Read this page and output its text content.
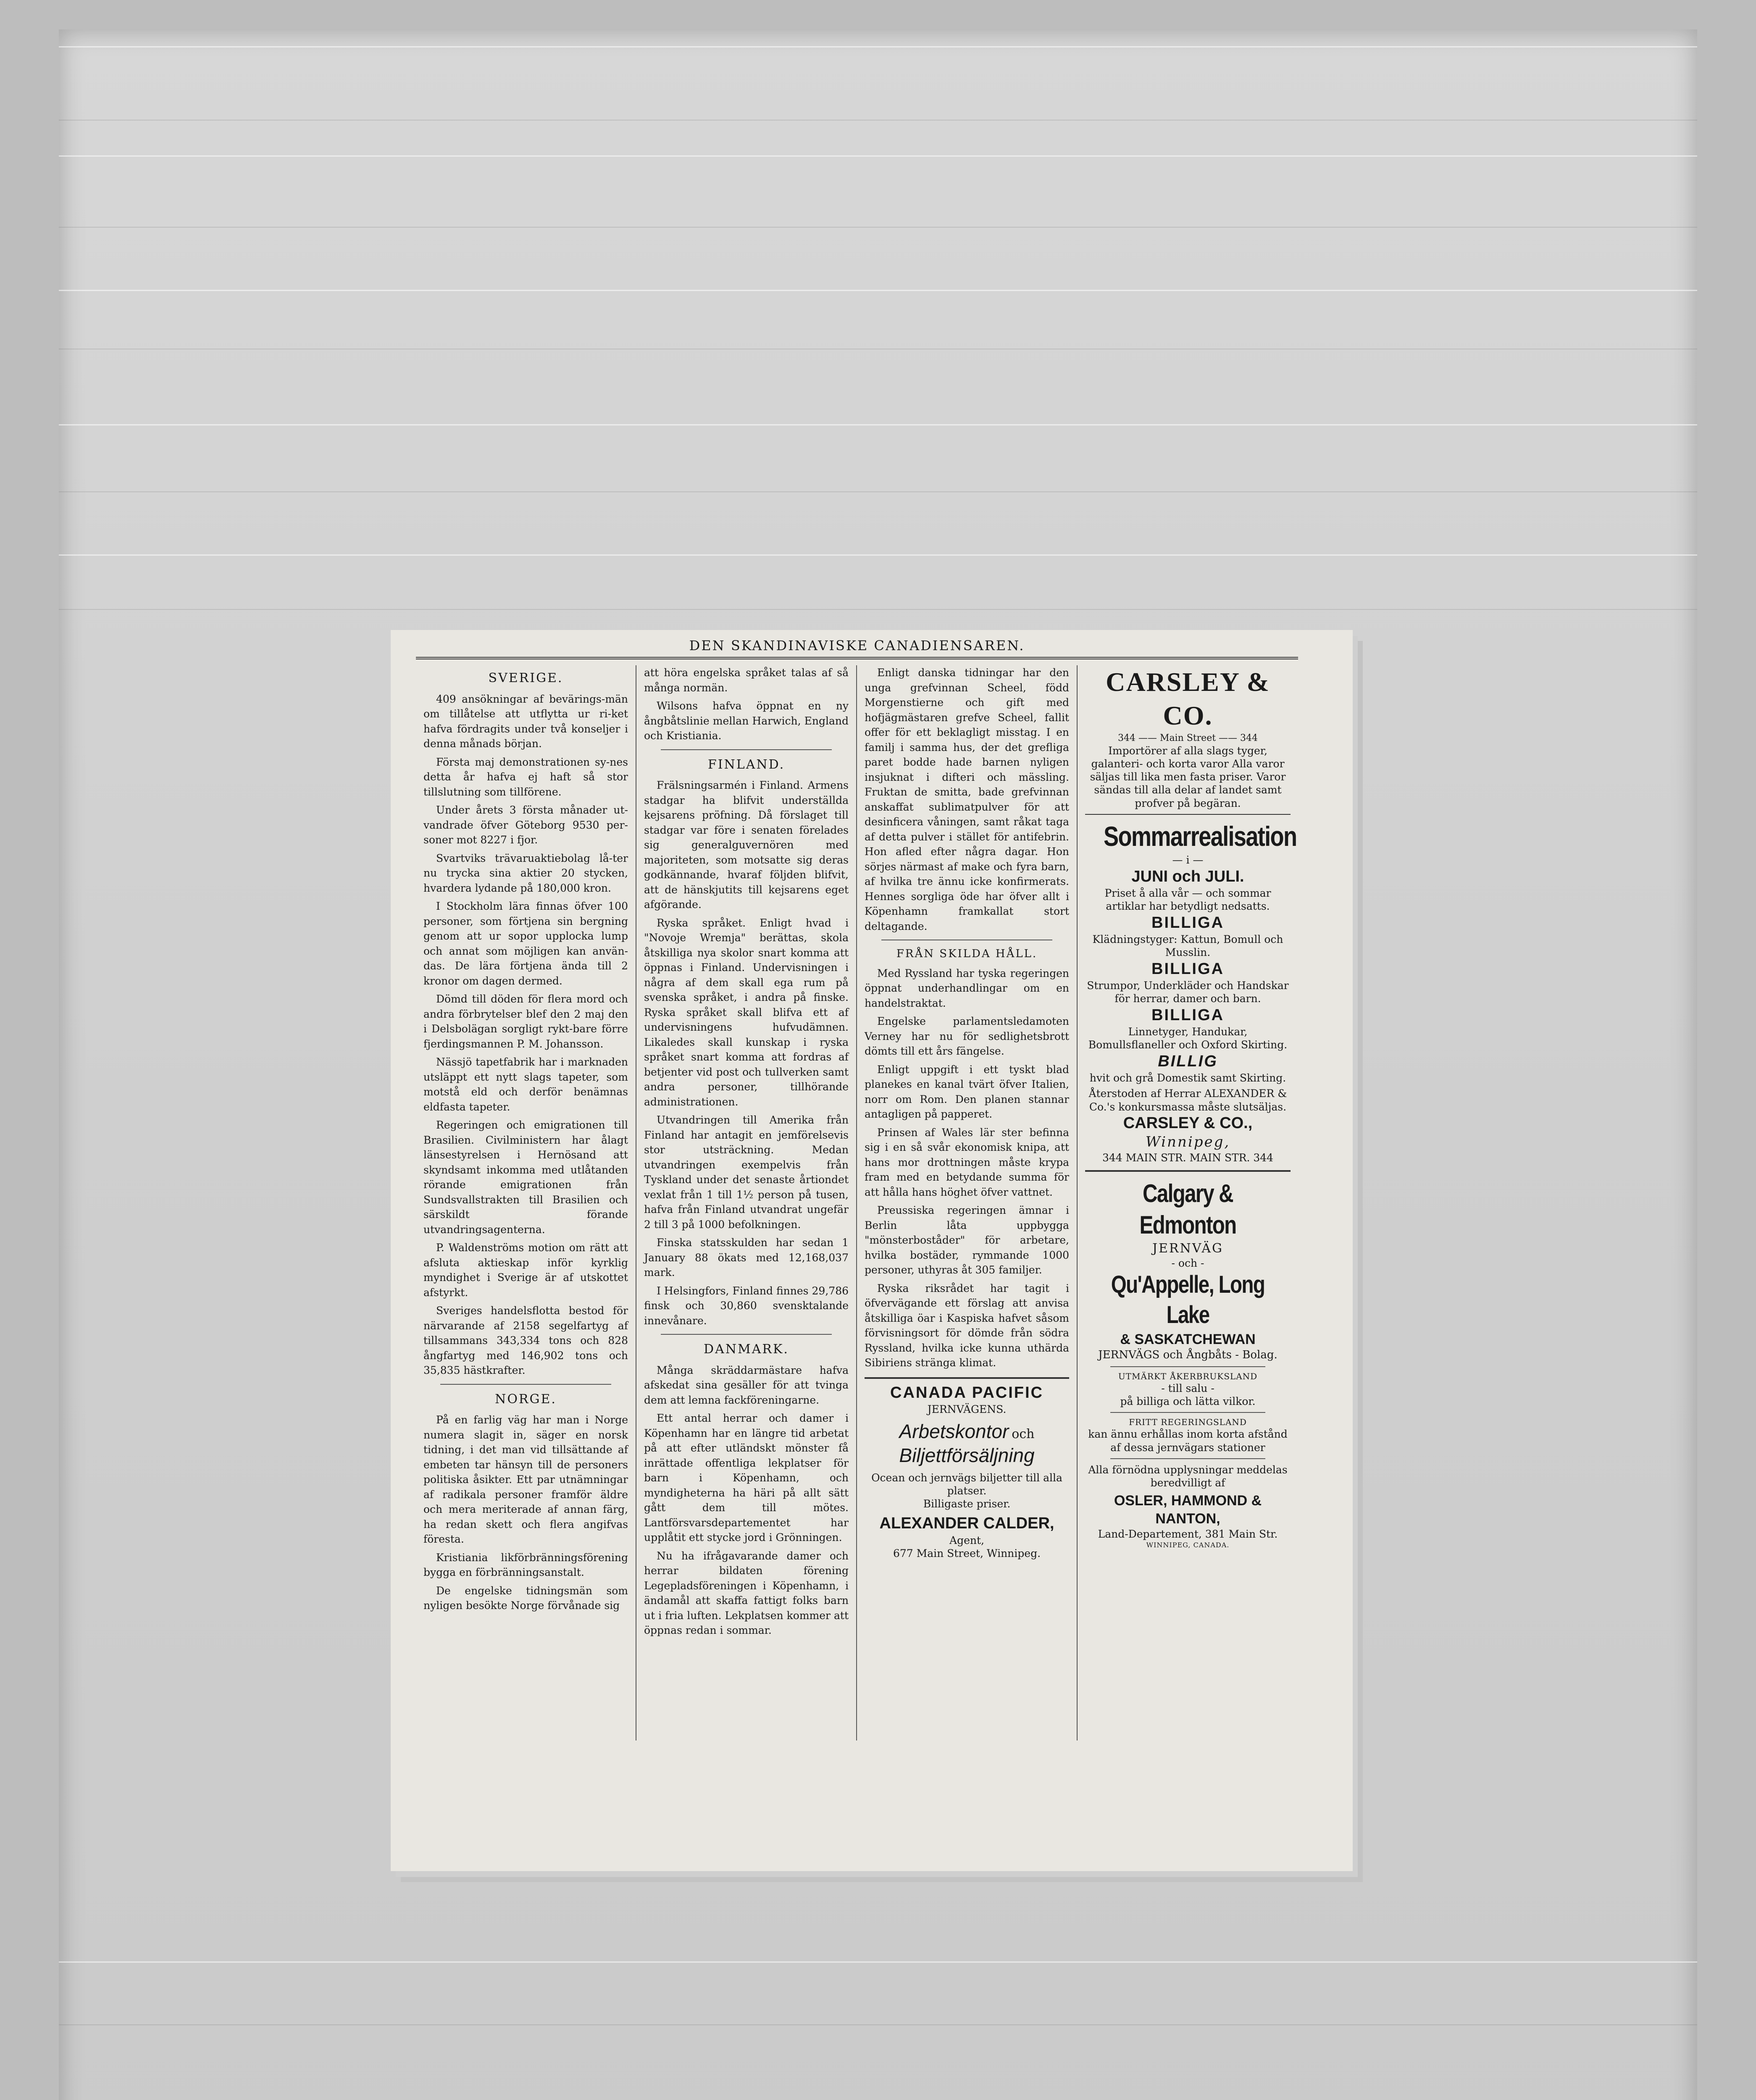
DEN SKANDINAVISKE CANADIENSAREN.
SVERIGE.

409 ansökningar af bevärings-män om tillåtelse att utflytta ur ri-ket hafva fördragits under två konseljer i denna månads början.

Första maj demonstrationen sy-nes detta år hafva ej haft så stor tillslutning som tillförene.

Under årets 3 första månader ut-vandrade öfver Göteborg 9530 per-soner mot 8227 i fjor.

Svartviks trävaruaktiebolag lå-ter nu trycka sina aktier 20 stycken, hvardera lydande på 180,000 kron.

I Stockholm lära finnas öfver 100 personer, som förtjena sin bergning genom att ur sopor upplocka lump och annat som möjligen kan använ-das. De lära förtjena ända till 2 kronor om dagen dermed.

Dömd till döden för flera mord och andra förbrytelser blef den 2 maj den i Delsbolägan sorgligt rykt-bare förre fjerdingsmannen P. M. Johansson.

Nässjö tapetfabrik har i marknaden utsläppt ett nytt slags tapeter, som motstå eld och derför benämnas eldfasta tapeter.

Regeringen och emigrationen till Brasilien. Civilministern har ålagt länsestyrelsen i Hernösand att skyndsamt inkomma med utlåtanden rörande emigrationen från Sundsvallstrakten till Brasilien och särskildt förande utvandringsagenterna.

P. Waldenströms motion om rätt att afsluta aktieskap inför kyrklig myndighet i Sverige är af utskottet afstyrkt.

Sveriges handelsflotta bestod för närvarande af 2158 segelfartyg af tillsammans 343,334 tons och 828 ångfartyg med 146,902 tons och 35,835 hästkrafter.

NORGE.

På en farlig väg har man i Norge numera slagit in, säger en norsk tidning, i det man vid tillsättande af embeten tar hänsyn till de personers politiska åsikter. Ett par utnämningar af radikala personer framför äldre och mera meriterade af annan färg, ha redan skett och flera angifvas föresta.

Kristiania likförbränningsförening bygga en förbränningsanstalt.

De engelske tidningsmän som nyligen besökte Norge förvånade sig

att höra engelska språket talas af så många normän.

Wilsons hafva öppnat en ny ångbåtslinie mellan Harwich, England och Kristiania.

FINLAND.

Frälsningsarmén i Finland. Armens stadgar ha blifvit underställda kejsarens pröfning. Då förslaget till stadgar var före i senaten förelades sig generalguvernören med majoriteten, som motsatte sig deras godkännande, hvaraf följden blifvit, att de hänskjutits till kejsarens eget afgörande.

Ryska språket. Enligt hvad i "Novoje Wremja" berättas, skola åtskilliga nya skolor snart komma att öppnas i Finland. Undervisningen i några af dem skall ega rum på svenska språket, i andra på finske. Ryska språket skall blifva ett af undervisningens hufvudämnen. Likaledes skall kunskap i ryska språket snart komma att fordras af betjenter vid post och tullverken samt andra personer, tillhörande administrationen.

Utvandringen till Amerika från Finland har antagit en jemförelsevis stor utsträckning. Medan utvandringen exempelvis från Tyskland under det senaste årtiondet vexlat från 1 till 1½ person på tusen, hafva från Finland utvandrat ungefär 2 till 3 på 1000 befolkningen.

Finska statsskulden har sedan 1 January 88 ökats med 12,168,037 mark.

I Helsingfors, Finland finnes 29,786 finsk och 30,860 svensktalande innevånare.

DANMARK.

Många skräddarmästare hafva afskedat sina gesäller för att tvinga dem att lemna fackföreningarne.

Ett antal herrar och damer i Köpenhamn har en längre tid arbetat på att efter utländskt mönster få inrättade offentliga lekplatser för barn i Köpenhamn, och myndigheterna ha häri på allt sätt gått dem till mötes. Lantförsvarsdepartementet har upplåtit ett stycke jord i Grönningen.

Nu ha ifrågavarande damer och herrar bildaten förening Legepladsföreningen i Köpenhamn, i ändamål att skaffa fattigt folks barn ut i fria luften. Lekplatsen kommer att öppnas redan i sommar.

Enligt danska tidningar har den unga grefvinnan Scheel, född Morgenstierne och gift med hofjägmästaren grefve Scheel, fallit offer för ett beklagligt misstag. I en familj i samma hus, der det grefliga paret bodde hade barnen nyligen insjuknat i difteri och mässling. Fruktan de smitta, bade grefvinnan anskaffat sublimatpulver för att desinficera våningen, samt råkat taga af detta pulver i stället för antifebrin. Hon afled efter några dagar. Hon sörjes närmast af make och fyra barn, af hvilka tre ännu icke konfirmerats. Hennes sorgliga öde har öfver allt i Köpenhamn framkallat stort deltagande.

FRÅN SKILDA HÅLL.

Med Ryssland har tyska regeringen öppnat underhandlingar om en handelstraktat.

Engelske parlamentsledamoten Verney har nu för sedlighetsbrott dömts till ett års fängelse.

Enligt uppgift i ett tyskt blad planekes en kanal tvärt öfver Italien, norr om Rom. Den planen stannar antagligen på papperet.

Prinsen af Wales lär ster befinna sig i en så svår ekonomisk knipa, att hans mor drottningen måste krypa fram med en betydande summa för att hålla hans höghet öfver vattnet.

Preussiska regeringen ämnar i Berlin låta uppbygga "mönsterboståder" för arbetare, hvilka bostäder, rymmande 1000 personer, uthyras åt 305 familjer.

Ryska riksrådet har tagit i öfvervägande ett förslag att anvisa åtskilliga öar i Kaspiska hafvet såsom förvisningsort för dömde från södra Ryssland, hvilka icke kunna uthärda Sibiriens stränga klimat.

CANADA PACIFIC
JERNVÄGENS.
Arbetskontor och
Biljettförsäljning
Ocean och jernvägs biljetter till alla platser.
Billigaste priser.
ALEXANDER CALDER,
Agent,
677 Main Street, Winnipeg.
CARSLEY & CO.
344 —— Main Street —— 344
Importörer af alla slags tyger, galanteri- och korta varor Alla varor säljas till lika men fasta priser. Varor sändas till alla delar af landet samt profver på begäran.
Sommarrealisation
— i —
JUNI och JULI.
Priset å alla vår — och sommar artiklar har betydligt nedsatts.
BILLIGA
Klädningstyger: Kattun, Bomull och Musslin.
BILLIGA
Strumpor, Underkläder och Handskar för herrar, damer och barn.
BILLIGA
Linnetyger, Handukar, Bomullsflaneller och Oxford Skirting.
BILLIG
hvit och grå Domestik samt Skirting.
Återstoden af Herrar ALEXANDER & Co.'s konkursmassa måste slutsäljas.
CARSLEY & CO.,
Winnipeg,
344 MAIN STR. MAIN STR. 344
Calgary & Edmonton
JERNVÄG
- och -
Qu'Appelle, Long Lake
& SASKATCHEWAN
JERNVÄGS och Ångbåts - Bolag.
UTMÄRKT ÅKERBRUKSLAND
- till salu -
på billiga och lätta vilkor.
FRITT REGERINGSLAND
kan ännu erhållas inom korta afstånd af dessa jernvägars stationer
Alla förnödna upplysningar meddelas beredvilligt af
OSLER, HAMMOND & NANTON,
Land-Departement, 381 Main Str.
WINNIPEG, CANADA.
